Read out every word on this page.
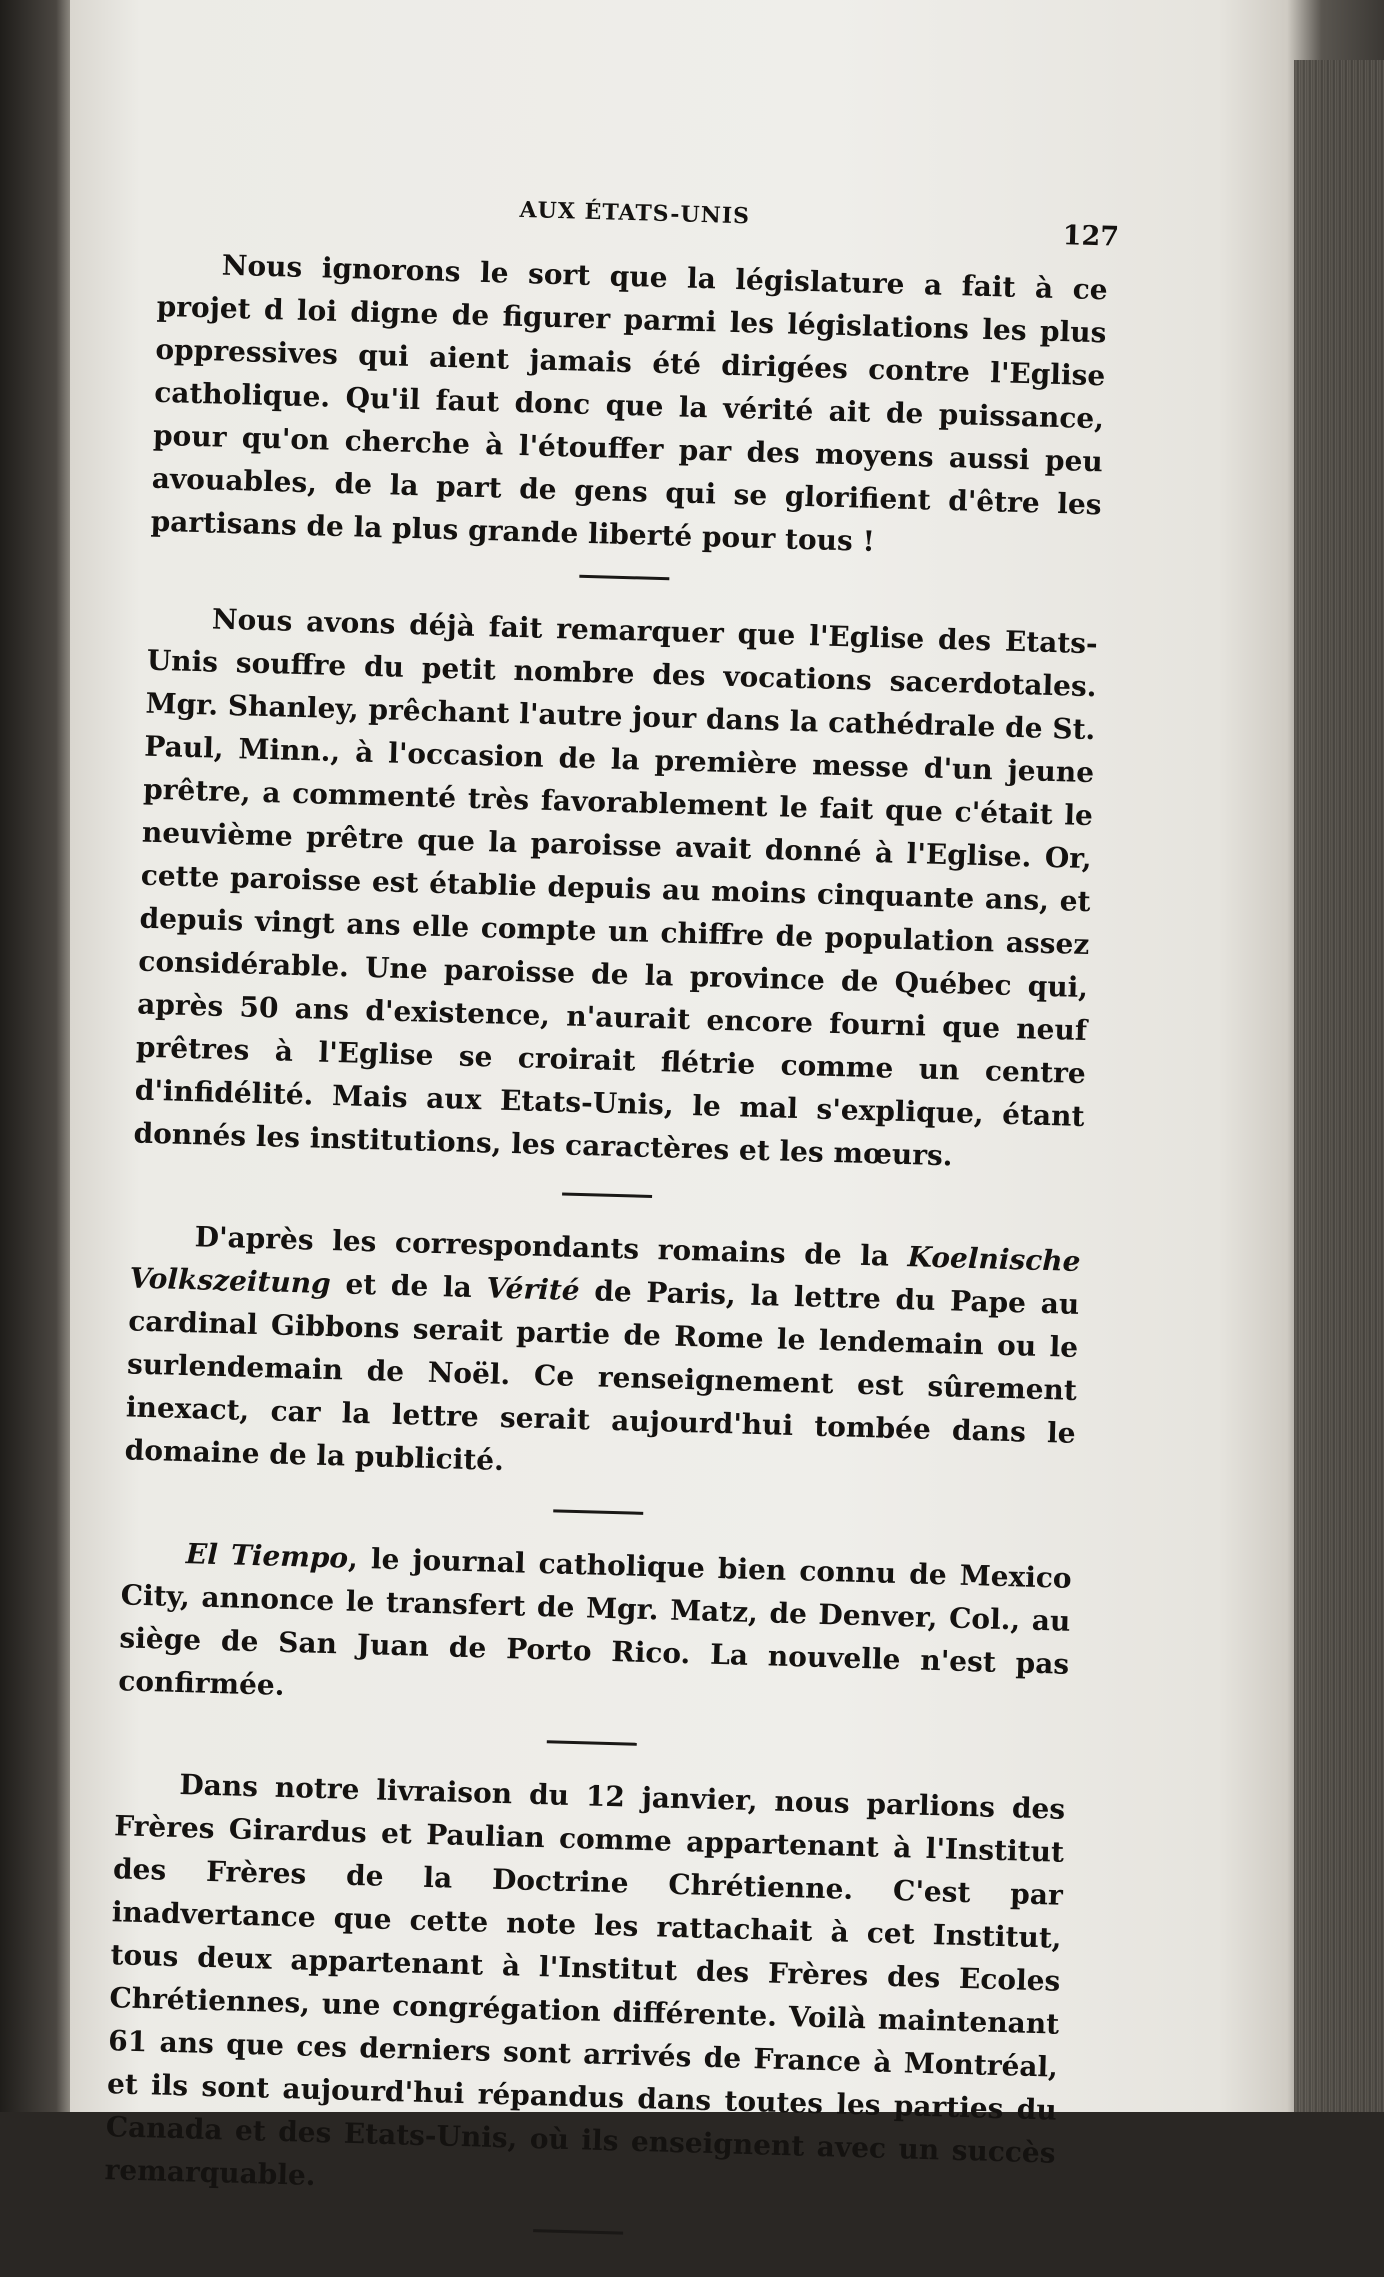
AUX ÉTATS-UNIS
127

Nous ignorons le sort que la législature a fait à ce projet d loi digne de figurer parmi les législations les plus oppressives qui aient jamais été dirigées contre l'Eglise catholique. Qu'il faut donc que la vérité ait de puissance, pour qu'on cherche à l'étouffer par des moyens aussi peu avouables, de la part de gens qui se glorifient d'être les partisans de la plus grande liberté pour tous !

Nous avons déjà fait remarquer que l'Eglise des Etats-Unis souffre du petit nombre des vocations sacerdotales. Mgr. Shanley, prêchant l'autre jour dans la cathédrale de St. Paul, Minn., à l'occasion de la première messe d'un jeune prêtre, a commenté très favorablement le fait que c'était le neuvième prêtre que la paroisse avait donné à l'Eglise. Or, cette paroisse est établie depuis au moins cinquante ans, et depuis vingt ans elle compte un chiffre de population assez considérable. Une paroisse de la province de Québec qui, après 50 ans d'existence, n'aurait encore fourni que neuf prêtres à l'Eglise se croirait flétrie comme un centre d'infidélité. Mais aux Etats-Unis, le mal s'explique, étant donnés les institutions, les caractères et les mœurs.

D'après les correspondants romains de la Koelnische Volkszeitung et de la Vérité de Paris, la lettre du Pape au cardinal Gibbons serait partie de Rome le lendemain ou le surlendemain de Noël. Ce renseignement est sûrement inexact, car la lettre serait aujourd'hui tombée dans le domaine de la publicité.

El Tiempo, le journal catholique bien connu de Mexico City, annonce le transfert de Mgr. Matz, de Denver, Col., au siège de San Juan de Porto Rico. La nouvelle n'est pas confirmée.

Dans notre livraison du 12 janvier, nous parlions des Frères Girardus et Paulian comme appartenant à l'Institut des Frères de la Doctrine Chrétienne. C'est par inadvertance que cette note les rattachait à cet Institut, tous deux appartenant à l'Institut des Frères des Ecoles Chrétiennes, une congrégation différente. Voilà maintenant 61 ans que ces derniers sont arrivés de France à Montréal, et ils sont aujourd'hui répandus dans toutes les parties du Canada et des Etats-Unis, où ils enseignent avec un succès remarquable.
